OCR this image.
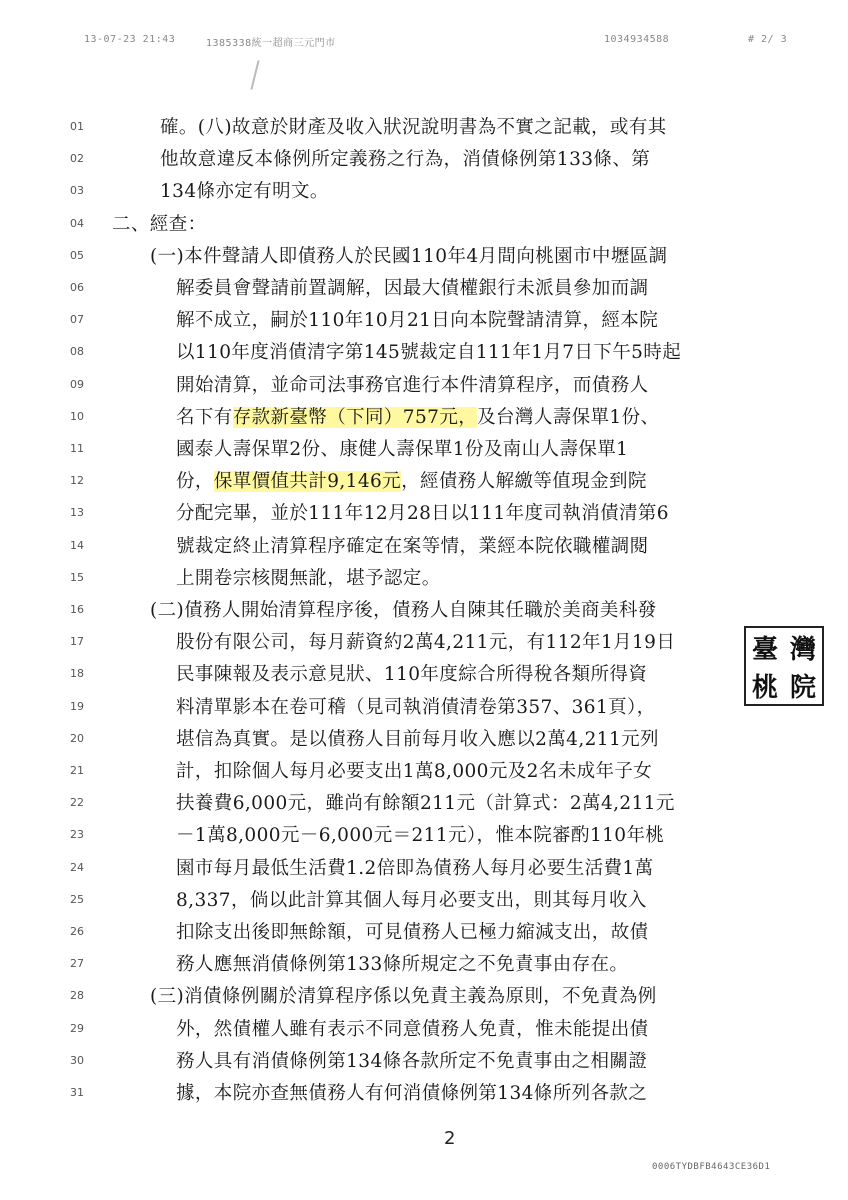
13-07-23 21:43	1385338統一超商三元門市	1034934588	# 2/ 3
01	確。(八)故意於財產及收入狀況說明書為不實之記載，或有其
02	他故意違反本條例所定義務之行為，消債條例第133條、第
03	134條亦定有明文。
04	二、經查：
05	(一)本件聲請人即債務人於民國110年4月間向桃園市中壢區調
06	解委員會聲請前置調解，因最大債權銀行未派員參加而調
07	解不成立，嗣於110年10月21日向本院聲請清算，經本院
08	以110年度消債清字第145號裁定自111年1月7日下午5時起
09	開始清算，並命司法事務官進行本件清算程序，而債務人
10	名下有存款新臺幣（下同）757元，及台灣人壽保單1份、
11	國泰人壽保單2份、康健人壽保單1份及南山人壽保單1
12	份，保單價值共計9,146元，經債務人解繳等值現金到院
13	分配完畢，並於111年12月28日以111年度司執消債清第6
14	號裁定終止清算程序確定在案等情，業經本院依職權調閱
15	上開卷宗核閱無訛，堪予認定。
16	(二)債務人開始清算程序後，債務人自陳其任職於美商美科發
17	股份有限公司，每月薪資約2萬4,211元，有112年1月19日
18	民事陳報及表示意見狀、110年度綜合所得稅各類所得資
19	料清單影本在卷可稽（見司執消債清卷第357、361頁），
20	堪信為真實。是以債務人目前每月收入應以2萬4,211元列
21	計，扣除個人每月必要支出1萬8,000元及2名未成年子女
22	扶養費6,000元，雖尚有餘額211元（計算式：2萬4,211元
23	－1萬8,000元－6,000元＝211元），惟本院審酌110年桃
24	園市每月最低生活費1.2倍即為債務人每月必要生活費1萬
25	8,337，倘以此計算其個人每月必要支出，則其每月收入
26	扣除支出後即無餘額，可見債務人已極力縮減支出，故債
27	務人應無消債條例第133條所規定之不免責事由存在。
28	(三)消債條例關於清算程序係以免責主義為原則，不免責為例
29	外，然債權人雖有表示不同意債務人免責，惟未能提出債
30	務人具有消債條例第134條各款所定不免責事由之相關證
31	據，本院亦查無債務人有何消債條例第134條所列各款之
臺 灣
桃 院
2
0006TYDBFB4643CE36D1
